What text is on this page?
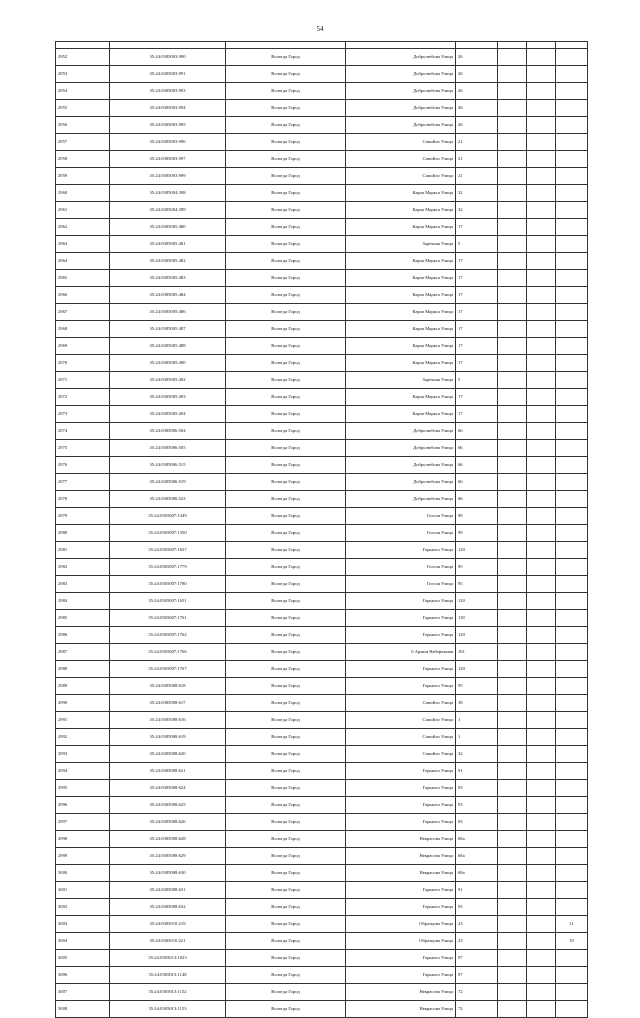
54

2952	35:24:0305003:990	Вологда Город	Добролюбова Улица	26			
2953	35:24:0305003:991	Вологда Город	Добролюбова Улица	26			
2954	35:24:0305003:993	Вологда Город	Добролюбова Улица	26			
2955	35:24:0305003:994	Вологда Город	Добролюбова Улица	26			
2956	35:24:0305003:995	Вологда Город	Добролюбова Улица	26			
2957	35:24:0305003:996	Вологда Город	Самойло Улица	21			
2958	35:24:0305003:997	Вологда Город	Самойло Улица	21			
2959	35:24:0305003:999	Вологда Город	Самойло Улица	21			
2960	35:24:0305004:398	Вологда Город	Карла Маркса Улица	32			
2961	35:24:0305004:399	Вологда Город	Карла Маркса Улица	32			
2962	35:24:0305005:480	Вологда Город	Карла Маркса Улица	17			
2963	35:24:0305005:481	Вологда Город	Заречная Улица	5			
2964	35:24:0305005:482	Вологда Город	Карла Маркса Улица	17			
2965	35:24:0305005:483	Вологда Город	Карла Маркса Улица	17			
2966	35:24:0305005:484	Вологда Город	Карла Маркса Улица	17			
2967	35:24:0305005:486	Вологда Город	Карла Маркса Улица	17			
2968	35:24:0305005:487	Вологда Город	Карла Маркса Улица	17			
2969	35:24:0305005:488	Вологда Город	Карла Маркса Улица	17			
2970	35:24:0305005:490	Вологда Город	Карла Маркса Улица	17			
2971	35:24:0305005:492	Вологда Город	Заречная Улица	5			
2972	35:24:0305005:493	Вологда Город	Карла Маркса Улица	17			
2973	35:24:0305005:494	Вологда Город	Карла Маркса Улица	17			
2974	35:24:0305006:504	Вологда Город	Добролюбова Улица	66			
2975	35:24:0305006:505	Вологда Город	Добролюбова Улица	66			
2976	35:24:0305006:515	Вологда Город	Добролюбова Улица	66			
2977	35:24:0305006:519	Вологда Город	Добролюбова Улица	66			
2978	35:24:0305006:523	Вологда Город	Добролюбова Улица	66			
2979	35:24:0305007:1349	Вологда Город	Гоголя Улица	99			
2980	35:24:0305007:1350	Вологда Город	Гоголя Улица	99			
2981	35:24:0305007:1637	Вологда Город	Горького Улица	120			
2982	35:24:0305007:1779	Вологда Город	Гоголя Улица	95			
2983	35:24:0305007:1780	Вологда Город	Гоголя Улица	95			
2984	35:24:0305007:1651	Вологда Город	Горького Улица	120			
2985	35:24:0305007:1761	Вологда Город	Горького Улица	118			
2986	35:24:0305007:1762	Вологда Город	Горького Улица	120			
2987	35:24:0305007:1766	Вологда Город	6 Армии Набережная	161			
2988	35:24:0305007:1767	Вологда Город	Горького Улица	120			
2989	35:24:0305008:618	Вологда Город	Горького Улица	95			
2990	35:24:0305008:617	Вологда Город	Самойло Улица	18			
2991	35:24:0305008:616	Вологда Город	Самойло Улица	1			
2992	35:24:0305008:619	Вологда Город	Самойло Улица	1			
2993	35:24:0305008:620	Вологда Город	Самойло Улица	32			
2994	35:24:0305008:621	Вологда Город	Горького Улица	91			
2995	35:24:0305008:624	Вологда Город	Горького Улица	93			
2996	35:24:0305008:625	Вологда Город	Горького Улица	93			
2997	35:24:0305008:626	Вологда Город	Горького Улица	93			
2998	35:24:0305008:628	Вологда Город	Некрасова Улица	68а			
2999	35:24:0305008:629	Вологда Город	Некрасова Улица	68а			
3000	35:24:0305008:630	Вологда Город	Некрасова Улица	68а			
3001	35:24:0305008:631	Вологда Город	Горького Улица	91			
3002	35:24:0305008:632	Вологда Город	Горького Улица	93			
3003	35:24:0305010:219	Вологда Город	Образцова Улица	23			11
3004	35:24:0305010:221	Вологда Город	Образцова Улица	23			10
3005	35:24:0305013:1023	Вологда Город	Горького Улица	97			
3006	35:24:0305013:1148	Вологда Город	Горького Улица	97			
3007	35:24:0305013:1152	Вологда Город	Некрасова Улица	72			
3008	35:24:0305013:1153	Вологда Город	Некрасова Улица	72			
